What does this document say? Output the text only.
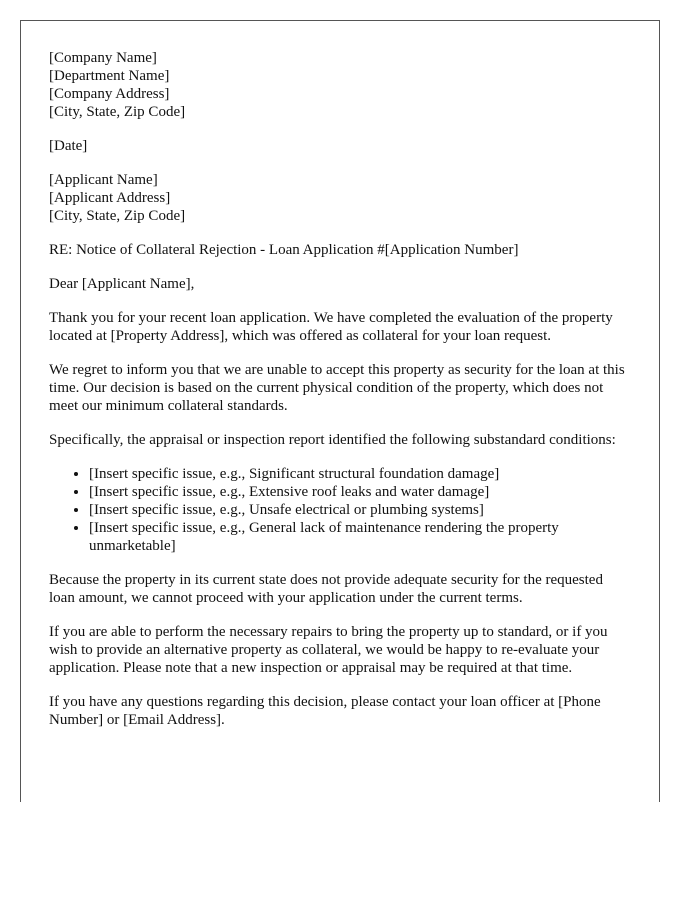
[Company Name]
[Department Name]
[Company Address]
[City, State, Zip Code]
[Date]
[Applicant Name]
[Applicant Address]
[City, State, Zip Code]

RE: Notice of Collateral Rejection - Loan Application #[Application Number]

Dear [Applicant Name],

Thank you for your recent loan application. We have completed the evaluation of the property located at [Property Address], which was offered as collateral for your loan request.

We regret to inform you that we are unable to accept this property as security for the loan at this time. Our decision is based on the current physical condition of the property, which does not meet our minimum collateral standards.

Specifically, the appraisal or inspection report identified the following substandard conditions:

• [Insert specific issue, e.g., Significant structural foundation damage]
• [Insert specific issue, e.g., Extensive roof leaks and water damage]
• [Insert specific issue, e.g., Unsafe electrical or plumbing systems]
• [Insert specific issue, e.g., General lack of maintenance rendering the property unmarketable]

Because the property in its current state does not provide adequate security for the requested loan amount, we cannot proceed with your application under the current terms.

If you are able to perform the necessary repairs to bring the property up to standard, or if you wish to provide an alternative property as collateral, we would be happy to re-evaluate your application. Please note that a new inspection or appraisal may be required at that time.

If you have any questions regarding this decision, please contact your loan officer at [Phone Number] or [Email Address].
